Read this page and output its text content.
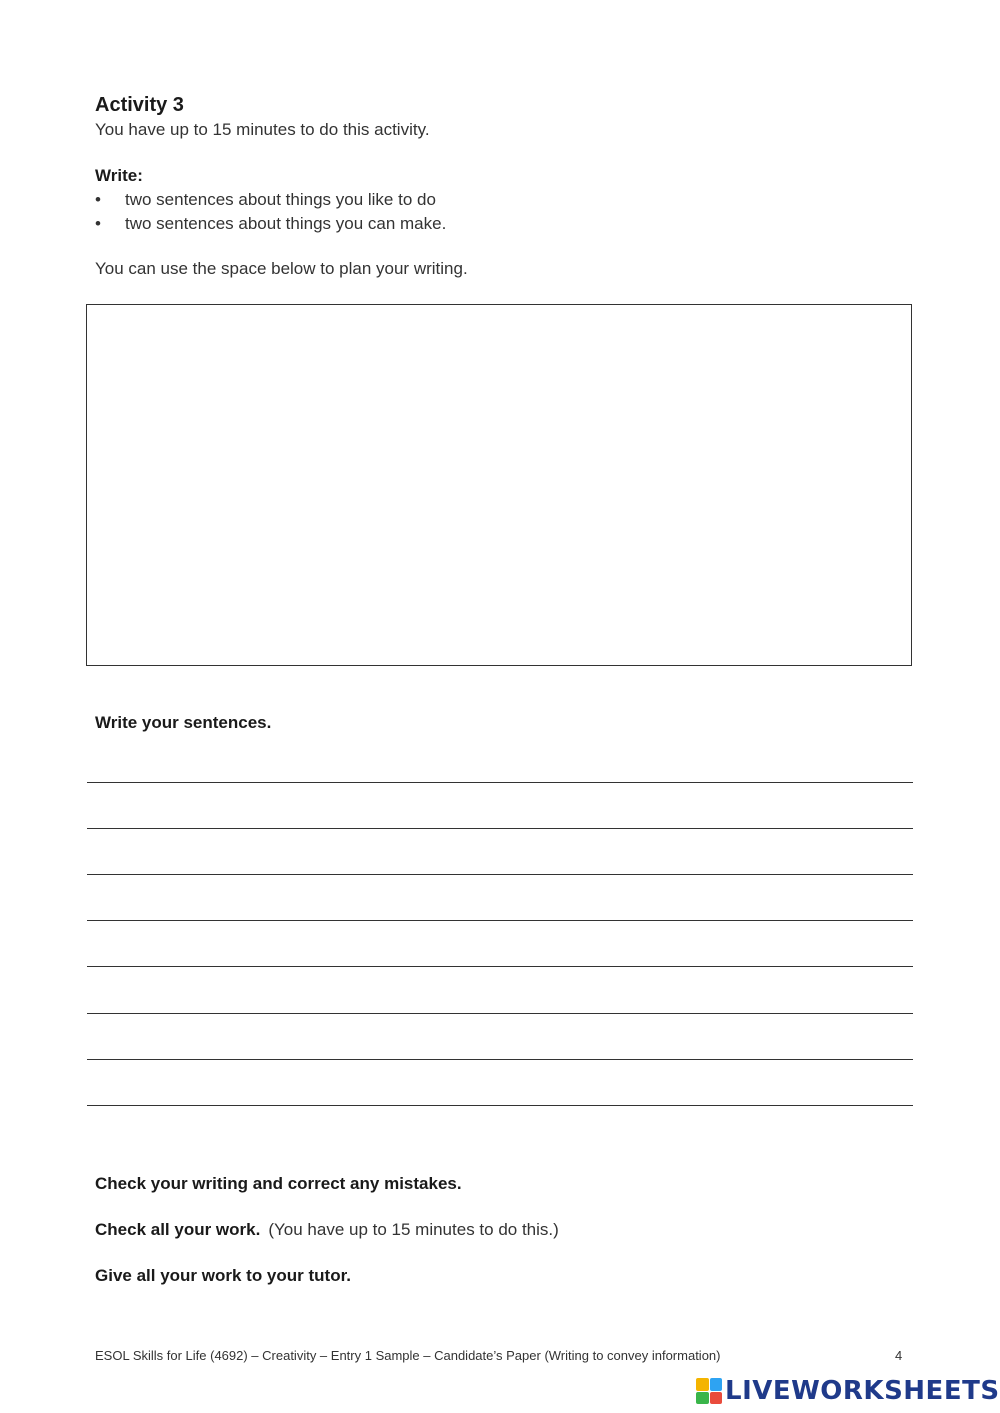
Activity 3
You have up to 15 minutes to do this activity.
Write:
• two sentences about things you like to do
• two sentences about things you can make.
You can use the space below to plan your writing.
Write your sentences.
Check your writing and correct any mistakes.
Check all your work. (You have up to 15 minutes to do this.)
Give all your work to your tutor.
ESOL Skills for Life (4692) – Creativity – Entry 1 Sample – Candidate’s Paper (Writing to convey information)	4
LIVEWORKSHEETS
